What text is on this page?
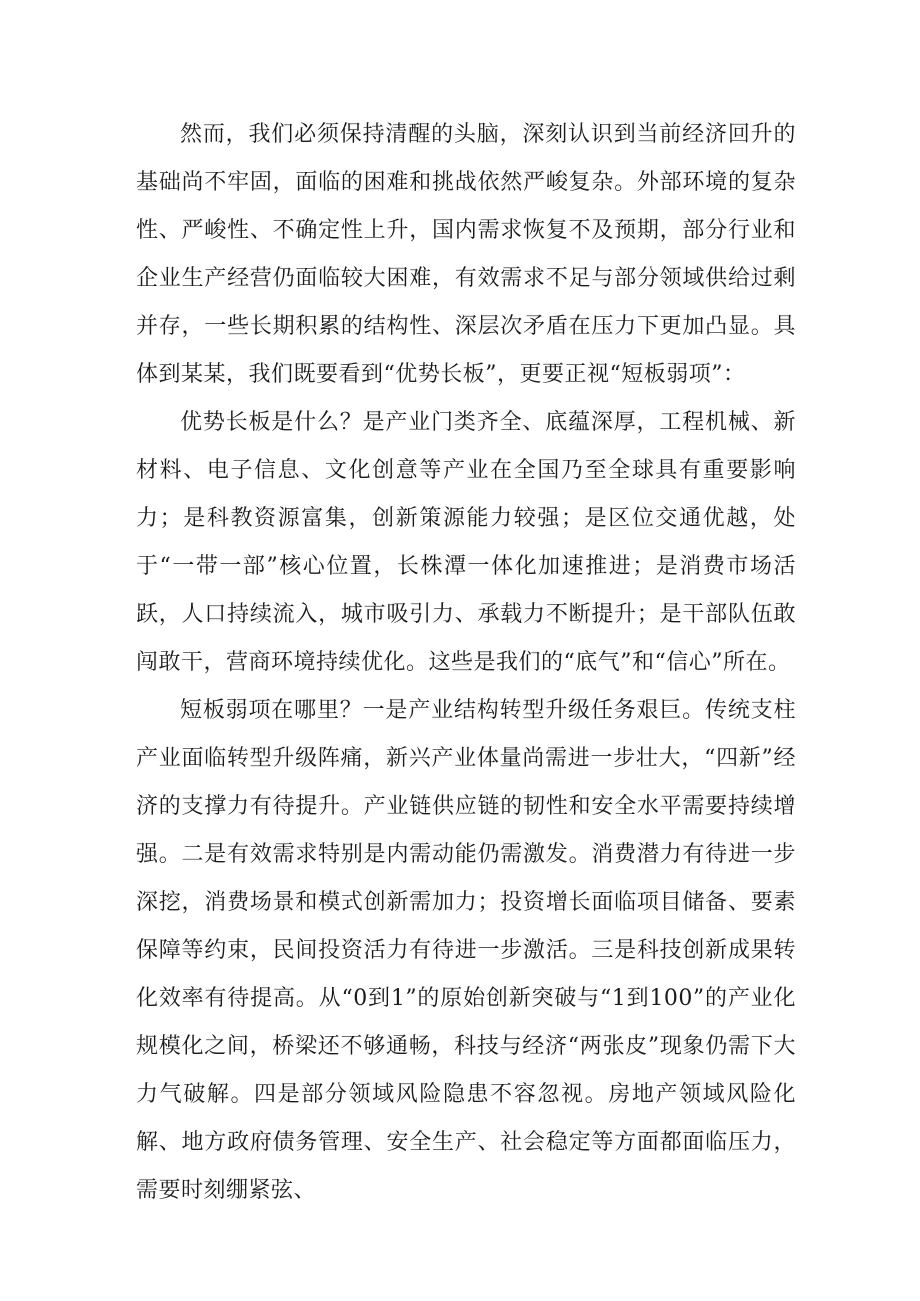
然而，我们必须保持清醒的头脑，深刻认识到当前经济回升的基础尚不牢固，面临的困难和挑战依然严峻复杂。外部环境的复杂性、严峻性、不确定性上升，国内需求恢复不及预期，部分行业和企业生产经营仍面临较大困难，有效需求不足与部分领域供给过剩并存，一些长期积累的结构性、深层次矛盾在压力下更加凸显。具体到某某，我们既要看到“优势长板”，更要正视“短板弱项”：

优势长板是什么？是产业门类齐全、底蕴深厚，工程机械、新材料、电子信息、文化创意等产业在全国乃至全球具有重要影响力；是科教资源富集，创新策源能力较强；是区位交通优越，处于“一带一部”核心位置，长株潭一体化加速推进；是消费市场活跃，人口持续流入，城市吸引力、承载力不断提升；是干部队伍敢闯敢干，营商环境持续优化。这些是我们的“底气”和“信心”所在。

短板弱项在哪里？一是产业结构转型升级任务艰巨。传统支柱产业面临转型升级阵痛，新兴产业体量尚需进一步壮大，“四新”经济的支撑力有待提升。产业链供应链的韧性和安全水平需要持续增强。二是有效需求特别是内需动能仍需激发。消费潜力有待进一步深挖，消费场景和模式创新需加力；投资增长面临项目储备、要素保障等约束，民间投资活力有待进一步激活。三是科技创新成果转化效率有待提高。从“0到1”的原始创新突破与“1到100”的产业化规模化之间，桥梁还不够通畅，科技与经济“两张皮”现象仍需下大力气破解。四是部分领域风险隐患不容忽视。房地产领域风险化解、地方政府债务管理、安全生产、社会稳定等方面都面临压力，需要时刻绷紧弦、
